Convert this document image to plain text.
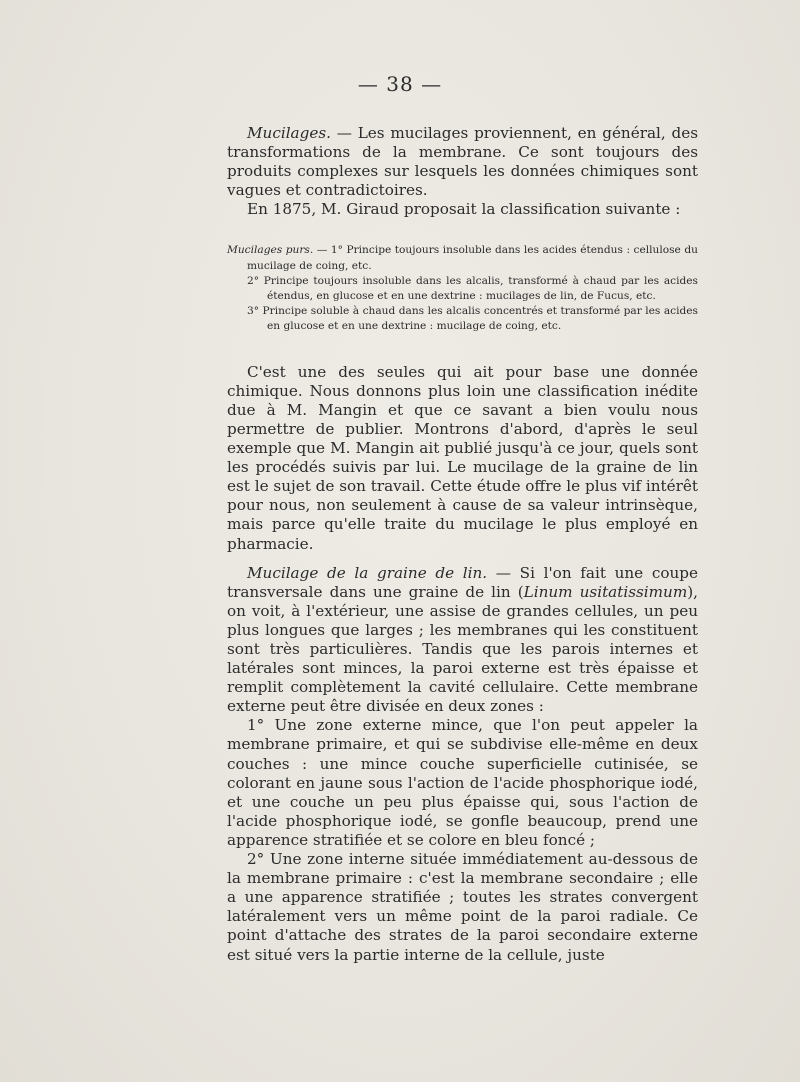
— 38 —

Mucilages. — Les mucilages proviennent, en général, des transformations de la membrane. Ce sont toujours des produits complexes sur lesquels les données chimiques sont vagues et contradictoires.

En 1875, M. Giraud proposait la classification suivante :

Mucilages purs. — 1° Principe toujours insoluble dans les acides étendus : cellulose du mucilage de coing, etc.

2° Principe toujours insoluble dans les alcalis, transformé à chaud par les acides étendus, en glucose et en une dextrine : mucilages de lin, de Fucus, etc.

3° Principe soluble à chaud dans les alcalis concentrés et transformé par les acides en glucose et en une dextrine : mucilage de coing, etc.

C'est une des seules qui ait pour base une donnée chimique. Nous donnons plus loin une classification inédite due à M. Mangin et que ce savant a bien voulu nous permettre de publier. Montrons d'abord, d'après le seul exemple que M. Mangin ait publié jusqu'à ce jour, quels sont les procédés suivis par lui. Le mucilage de la graine de lin est le sujet de son travail. Cette étude offre le plus vif intérêt pour nous, non seulement à cause de sa valeur intrinsèque, mais parce qu'elle traite du mucilage le plus employé en pharmacie.

Mucilage de la graine de lin. — Si l'on fait une coupe transversale dans une graine de lin (Linum usitatissimum), on voit, à l'extérieur, une assise de grandes cellules, un peu plus longues que larges ; les membranes qui les constituent sont très particulières. Tandis que les parois internes et latérales sont minces, la paroi externe est très épaisse et remplit complètement la cavité cellulaire. Cette membrane externe peut être divisée en deux zones :

1° Une zone externe mince, que l'on peut appeler la membrane primaire, et qui se subdivise elle-même en deux couches : une mince couche superficielle cutinisée, se colorant en jaune sous l'action de l'acide phosphorique iodé, et une couche un peu plus épaisse qui, sous l'action de l'acide phosphorique iodé, se gonfle beaucoup, prend une apparence stratifiée et se colore en bleu foncé ;

2° Une zone interne située immédiatement au-dessous de la membrane primaire : c'est la membrane secondaire ; elle a une apparence stratifiée ; toutes les strates convergent latéralement vers un même point de la paroi radiale. Ce point d'attache des strates de la paroi secondaire externe est situé vers la partie interne de la cellule, juste
